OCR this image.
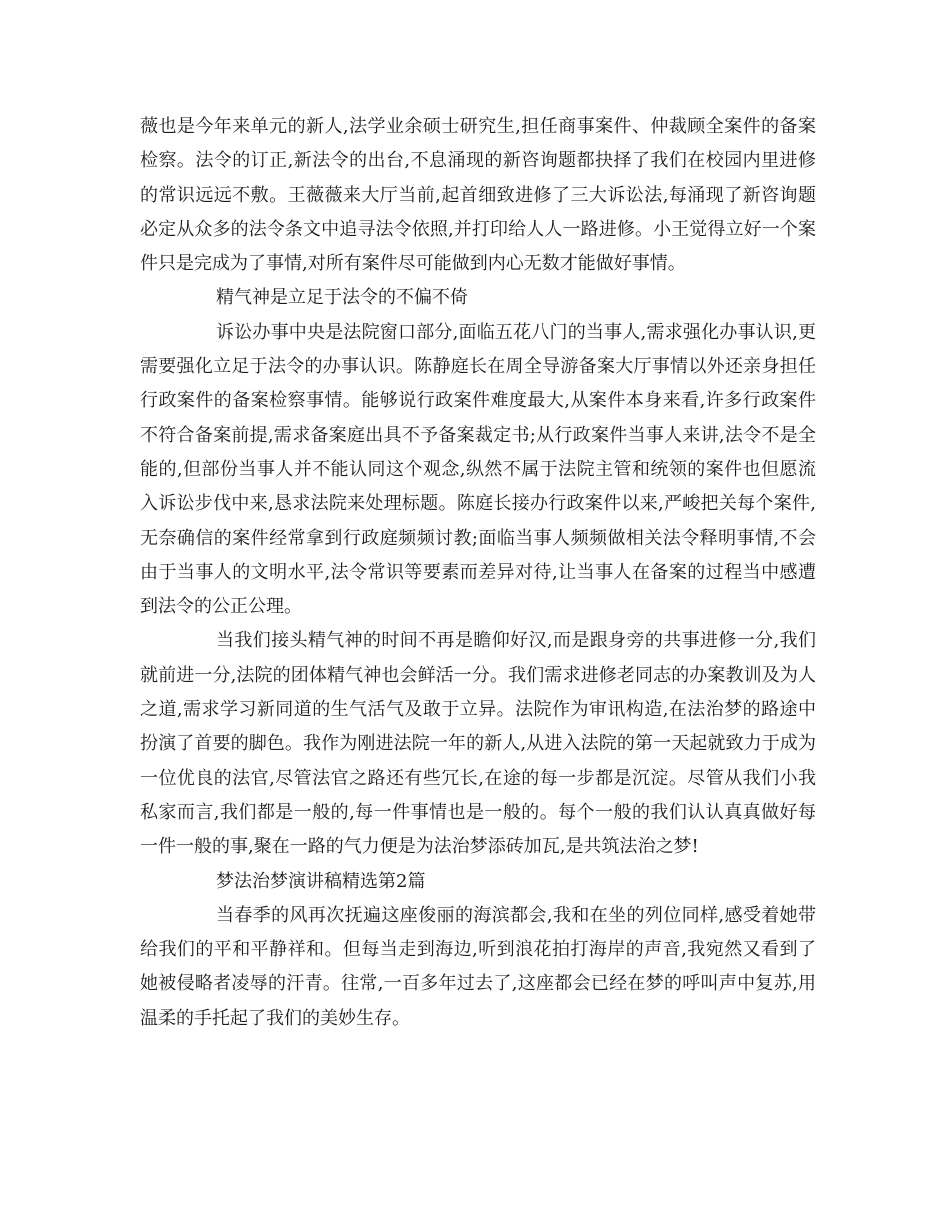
薇也是今年来单元的新人,法学业余硕士研究生,担任商事案件、仲裁顾全案件的备案检察。法令的订正,新法令的出台,不息涌现的新咨询题都抉择了我们在校园内里进修的常识远远不敷。王薇薇来大厅当前,起首细致进修了三大诉讼法,每涌现了新咨询题必定从众多的法令条文中追寻法令依照,并打印给人人一路进修。小王觉得立好一个案件只是完成为了事情,对所有案件尽可能做到内心无数才能做好事情。

精气神是立足于法令的不偏不倚

诉讼办事中央是法院窗口部分,面临五花八门的当事人,需求强化办事认识,更需要强化立足于法令的办事认识。陈静庭长在周全导游备案大厅事情以外还亲身担任行政案件的备案检察事情。能够说行政案件难度最大,从案件本身来看,许多行政案件不符合备案前提,需求备案庭出具不予备案裁定书;从行政案件当事人来讲,法令不是全能的,但部份当事人并不能认同这个观念,纵然不属于法院主管和统领的案件也但愿流入诉讼步伐中来,恳求法院来处理标题。陈庭长接办行政案件以来,严峻把关每个案件,无奈确信的案件经常拿到行政庭频频讨教;面临当事人频频做相关法令释明事情,不会由于当事人的文明水平,法令常识等要素而差异对待,让当事人在备案的过程当中感遭到法令的公正公理。

当我们接头精气神的时间不再是瞻仰好汉,而是跟身旁的共事进修一分,我们就前进一分,法院的团体精气神也会鲜活一分。我们需求进修老同志的办案教训及为人之道,需求学习新同道的生气活气及敢于立异。法院作为审讯构造,在法治梦的路途中扮演了首要的脚色。我作为刚进法院一年的新人,从进入法院的第一天起就致力于成为一位优良的法官,尽管法官之路还有些冗长,在途的每一步都是沉淀。尽管从我们小我私家而言,我们都是一般的,每一件事情也是一般的。每个一般的我们认认真真做好每一件一般的事,聚在一路的气力便是为法治梦添砖加瓦,是共筑法治之梦!

梦法治梦演讲稿精选第2篇

当春季的风再次抚遍这座俊丽的海滨都会,我和在坐的列位同样,感受着她带给我们的平和平静祥和。但每当走到海边,听到浪花拍打海岸的声音,我宛然又看到了她被侵略者凌辱的汗青。往常,一百多年过去了,这座都会已经在梦的呼叫声中复苏,用温柔的手托起了我们的美妙生存。
